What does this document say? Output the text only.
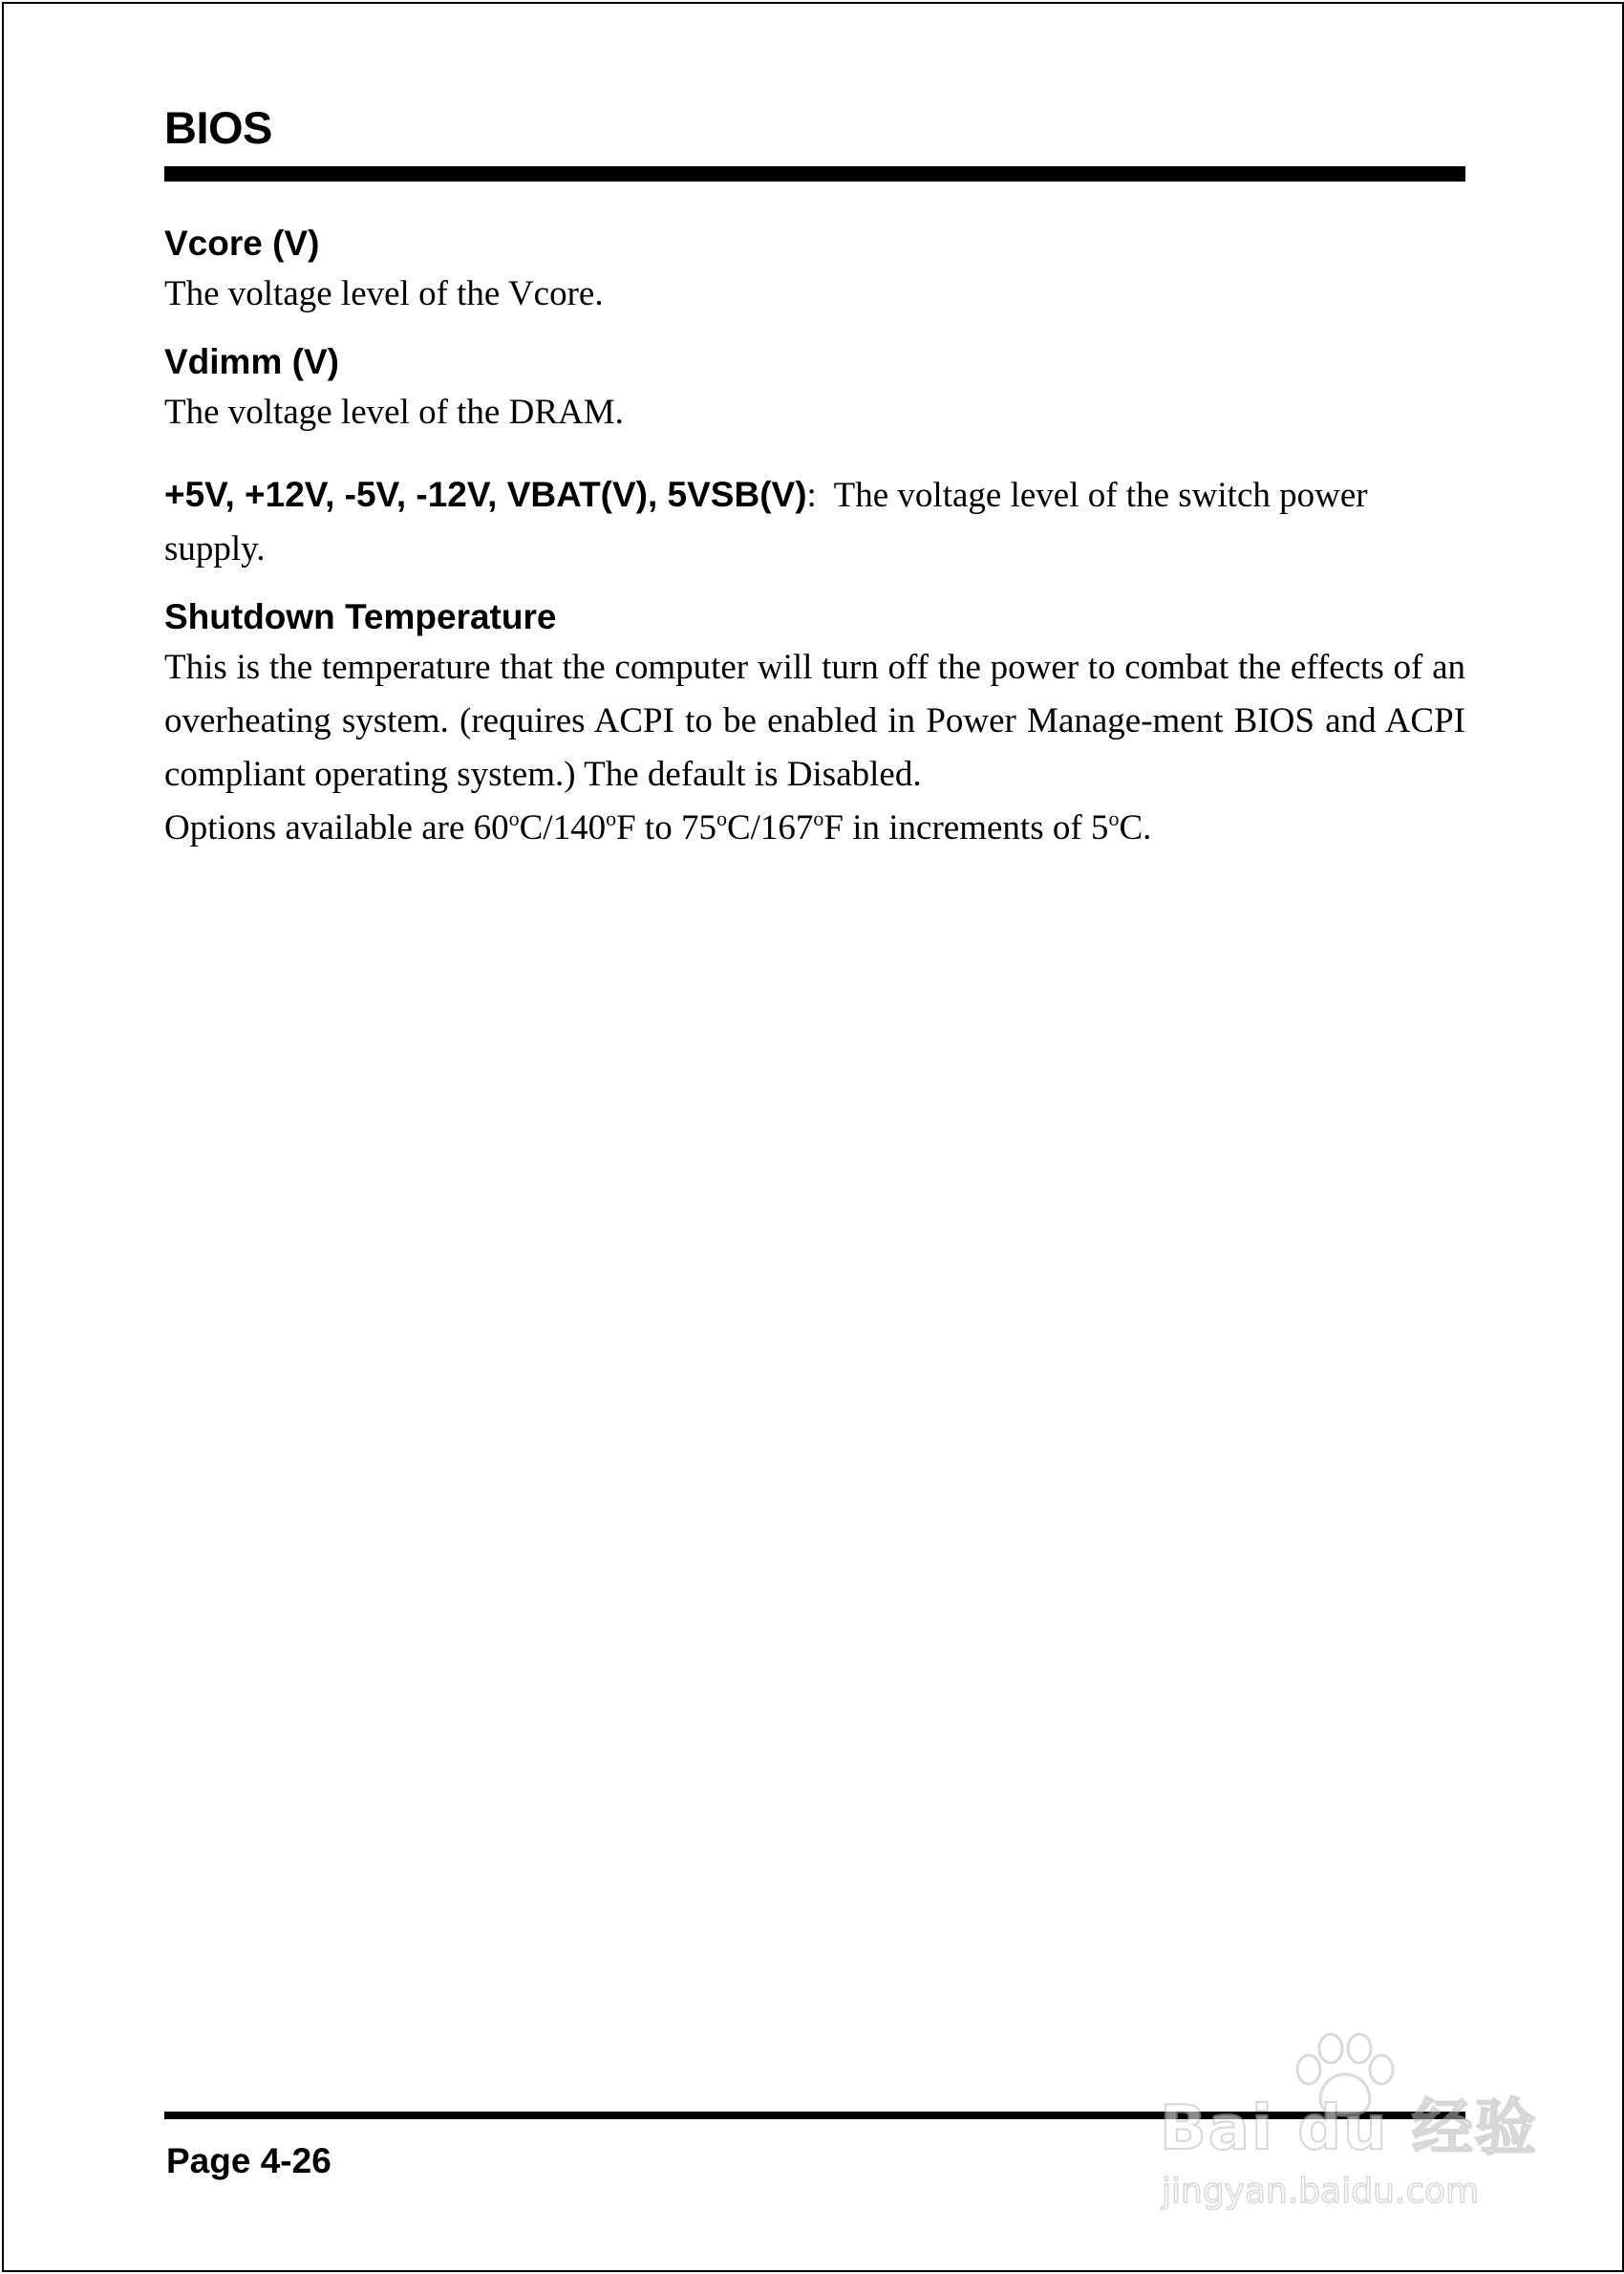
BIOS
Vcore (V)

The voltage level of the Vcore.

Vdimm (V)

The voltage level of the DRAM.

+5V, +12V, -5V, -12V, VBAT(V), 5VSB(V): The voltage level of the switch power supply.

Shutdown Temperature

This is the temperature that the computer will turn off the power to combat the effects of an overheating system. (requires ACPI to be enabled in Power Manage-ment BIOS and ACPI compliant operating system.) The default is Disabled.

Options available are 60$^o$C/140$^o$F to 75$^o$C/167$^o$F in increments of 5$^o$C.

Page 4-26	Bai du 经验
jingyan.baidu.com
